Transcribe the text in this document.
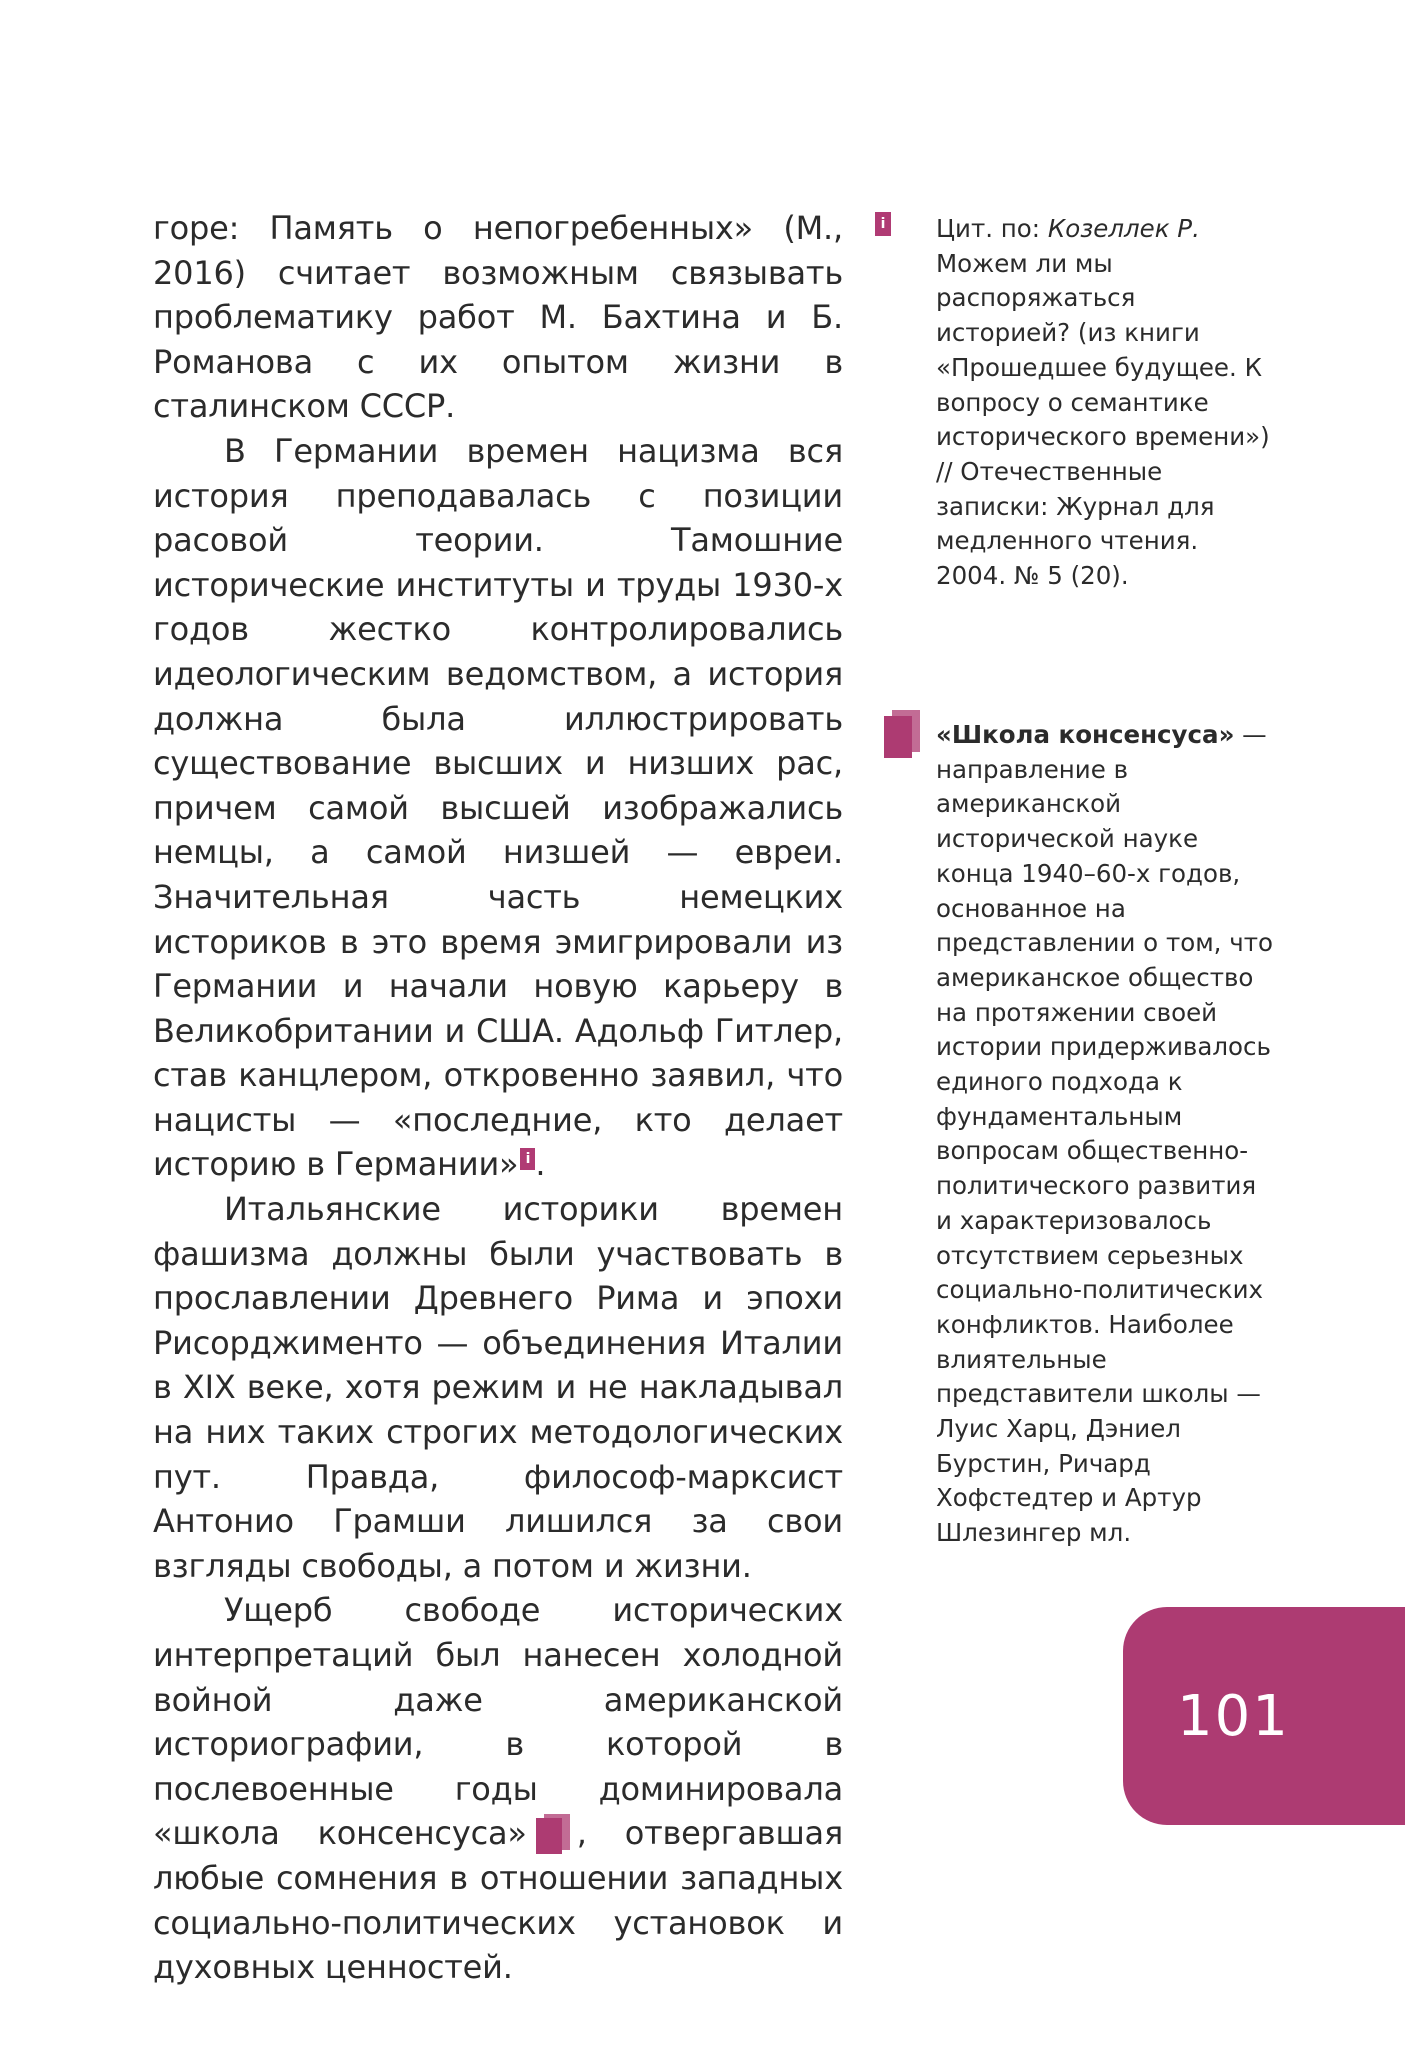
горе: Память о непогребенных» (М., 2016) считает возможным связывать проблематику работ М. Бахтина и Б. Романова с их опытом жизни в сталинском СССР.

В Германии времен нацизма вся история преподавалась с позиции расовой теории. Тамошние исторические институты и труды 1930-х годов жестко контролировались идеологическим ведомством, а история должна была иллюстрировать существование высших и низших рас, причем самой высшей изображались немцы, а самой низшей — евреи. Значительная часть немецких историков в это время эмигрировали из Германии и начали новую карьеру в Великобритании и США. Адольф Гитлер, став канцлером, откровенно заявил, что нацисты — «последние, кто делает историю в Германии» i .

Итальянские историки времен фашизма должны были участвовать в прославлении Древнего Рима и эпохи Рисорджименто — объединения Италии в XIX веке, хотя режим и не накладывал на них таких строгих методологических пут. Правда, философ-марксист Антонио Грамши лишился за свои взгляды свободы, а потом и жизни.

Ущерб свободе исторических интерпретаций был нанесен холодной войной даже американской историографии, в которой в послевоенные годы доминировала «школа консенсуса» , отвергавшая любые сомнения в отношении западных социально-политических установок и духовных ценностей.

i Цит. по: Козеллек Р. Можем ли мы распоряжаться историей? (из книги «Прошедшее будущее. К вопросу о семантике исторического времени») // Отечественные записки: Журнал для медленного чтения. 2004. № 5 (20).

«Школа консенсуса» — направление в американской исторической науке конца 1940–60-х годов, основанное на представлении о том, что американское общество на протяжении своей истории придерживалось единого подхода к фундаментальным вопросам общественно-политического развития и характеризовалось отсутствием серьезных социально-политических конфликтов. Наиболее влиятельные представители школы — Луис Харц, Дэниел Бурстин, Ричард Хофстедтер и Артур Шлезингер мл.

101
